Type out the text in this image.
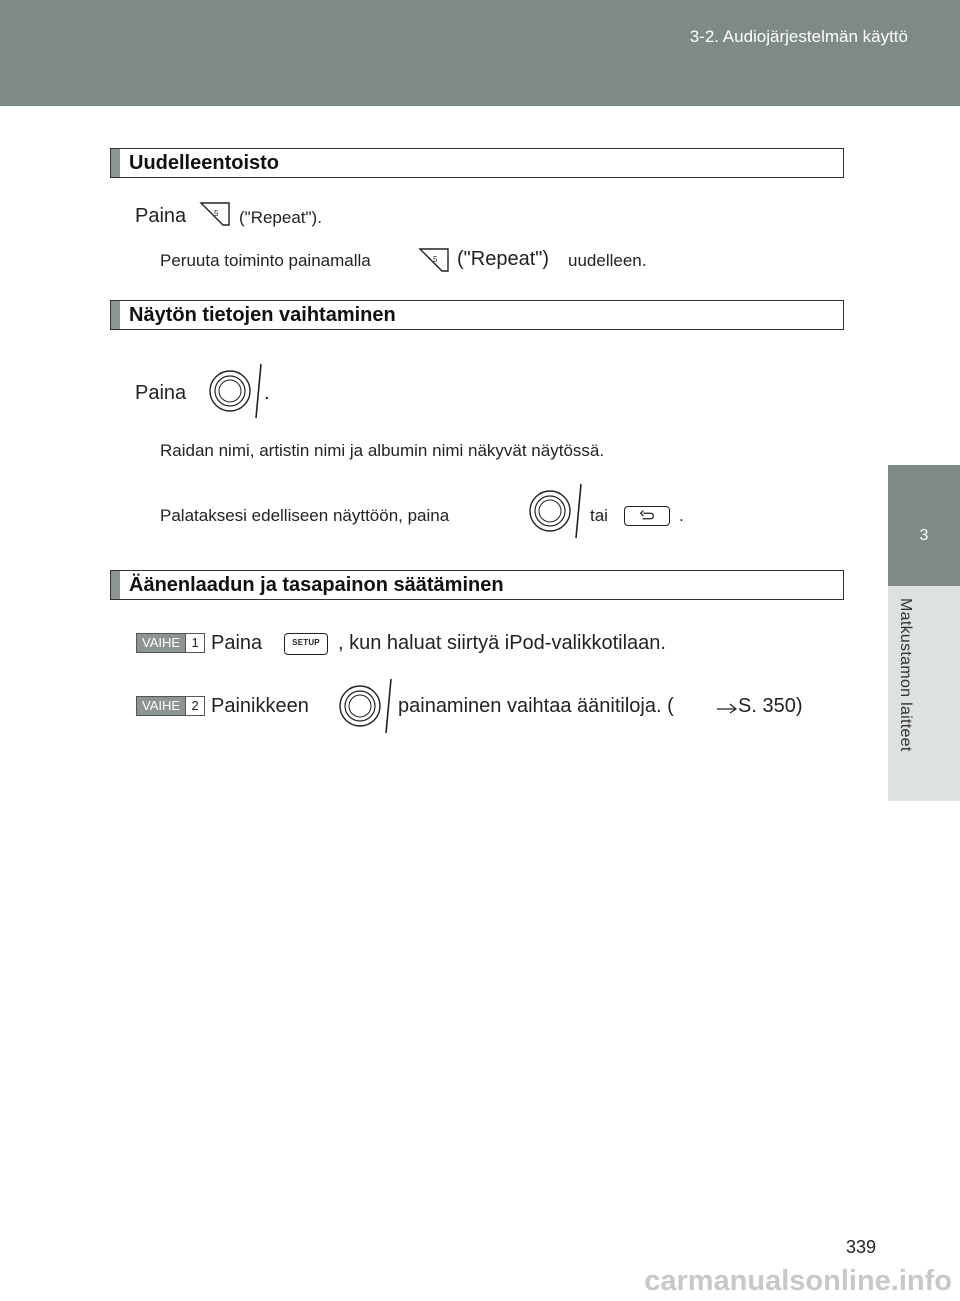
3-2. Audiojärjestelmän käyttö
3
Matkustamon laitteet
Uudelleentoisto
Paina	5 ("Repeat").
Peruuta toiminto painamalla	5 ("Repeat") uudelleen.
Näytön tietojen vaihtaminen
Paina	.
Raidan nimi, artistin nimi ja albumin nimi näkyvät näytössä.
Palataksesi edelliseen näyttöön, paina	tai	.
Äänenlaadun ja tasapainon säätäminen
VAIHE 1 Paina	SETUP , kun haluat siirtyä iPod-valikkotilaan.
VAIHE 2 Painikkeen	painaminen vaihtaa äänitiloja. (	S. 350)
339
carmanualsonline.info
